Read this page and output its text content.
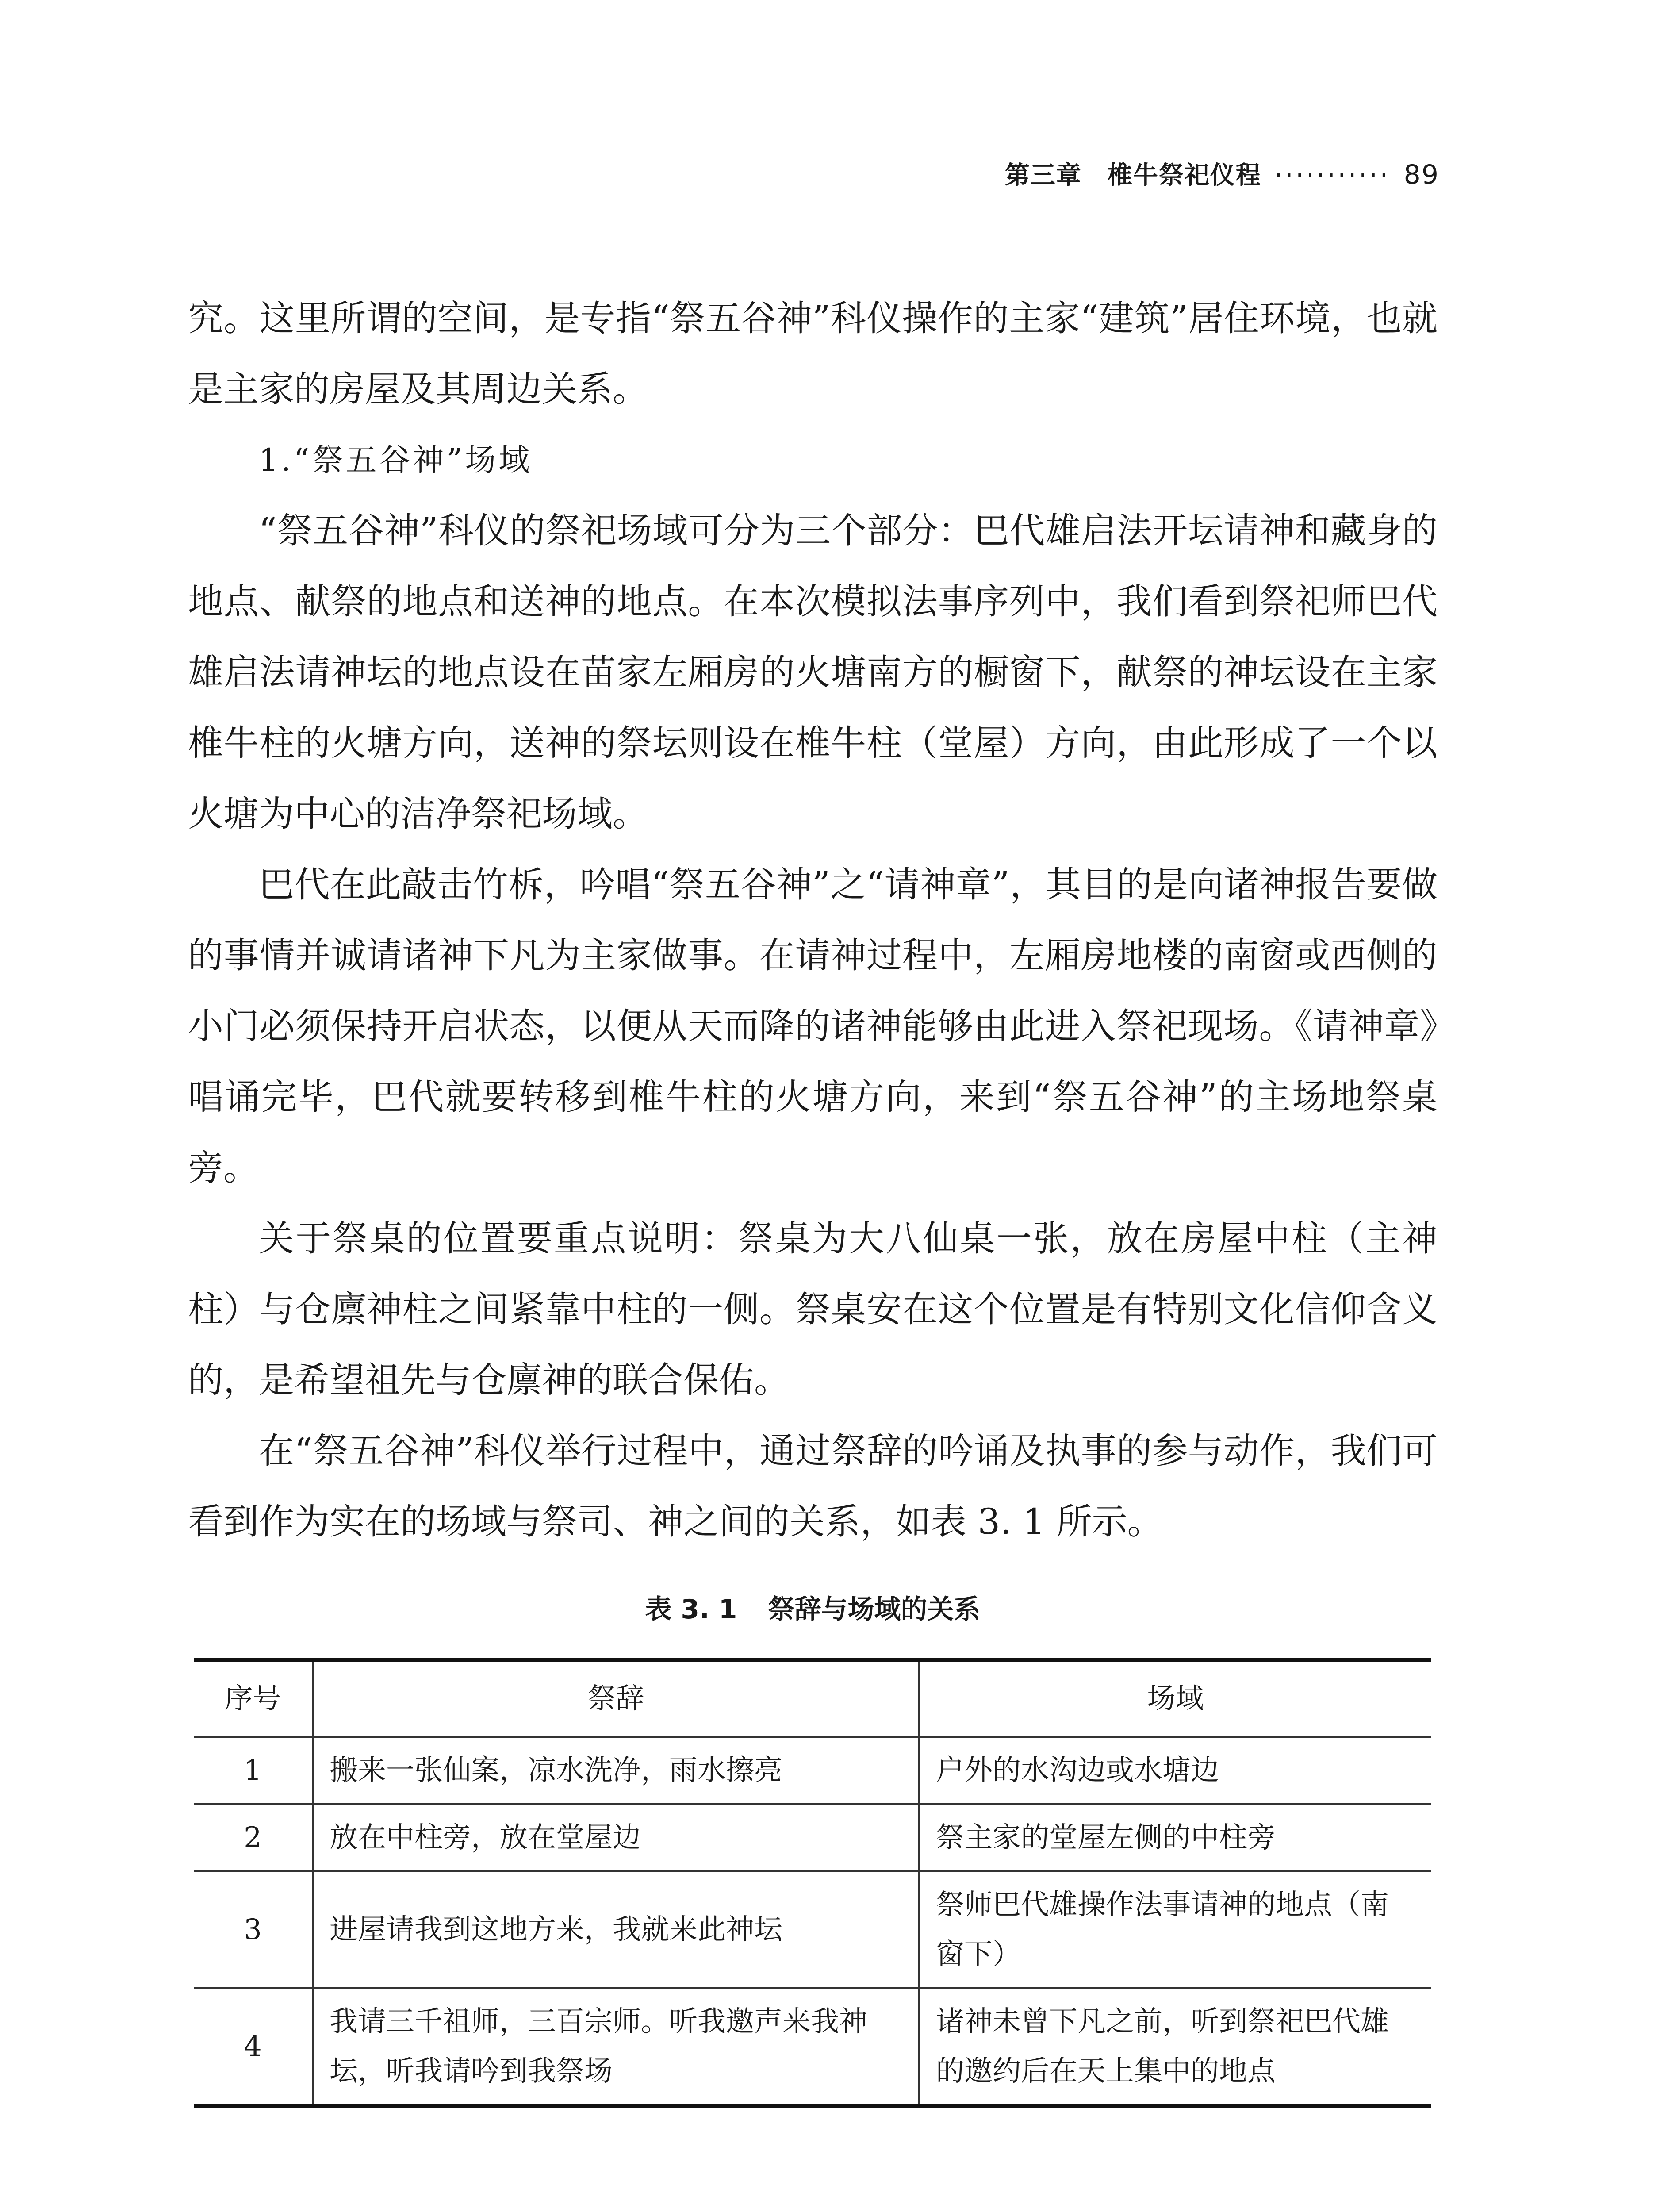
第三章　椎牛祭祀仪程 ··········· 89

究。这里所谓的空间，是专指“祭五谷神”科仪操作的主家“建筑”居住环境，也就是主家的房屋及其周边关系。

1.“祭五谷神”场域

“祭五谷神”科仪的祭祀场域可分为三个部分：巴代雄启法开坛请神和藏身的地点、献祭的地点和送神的地点。在本次模拟法事序列中，我们看到祭祀师巴代雄启法请神坛的地点设在苗家左厢房的火塘南方的橱窗下，献祭的神坛设在主家椎牛柱的火塘方向，送神的祭坛则设在椎牛柱（堂屋）方向，由此形成了一个以火塘为中心的洁净祭祀场域。

巴代在此敲击竹柝，吟唱“祭五谷神”之“请神章”，其目的是向诸神报告要做的事情并诚请诸神下凡为主家做事。在请神过程中，左厢房地楼的南窗或西侧的小门必须保持开启状态，以便从天而降的诸神能够由此进入祭祀现场。《请神章》唱诵完毕，巴代就要转移到椎牛柱的火塘方向，来到“祭五谷神”的主场地祭桌旁。

关于祭桌的位置要重点说明：祭桌为大八仙桌一张，放在房屋中柱（主神柱）与仓廪神柱之间紧靠中柱的一侧。祭桌安在这个位置是有特别文化信仰含义的，是希望祖先与仓廪神的联合保佑。

在“祭五谷神”科仪举行过程中，通过祭辞的吟诵及执事的参与动作，我们可看到作为实在的场域与祭司、神之间的关系，如表 3. 1 所示。

表 3. 1 祭辞与场域的关系
序号	祭辞	场域
1	搬来一张仙案，凉水洗净，雨水擦亮	户外的水沟边或水塘边
2	放在中柱旁，放在堂屋边	祭主家的堂屋左侧的中柱旁
3	进屋请我到这地方来，我就来此神坛	祭师巴代雄操作法事请神的地点（南窗下）
4	我请三千祖师，三百宗师。听我邀声来我神坛，听我请吟到我祭场	诸神未曾下凡之前，听到祭祀巴代雄的邀约后在天上集中的地点
